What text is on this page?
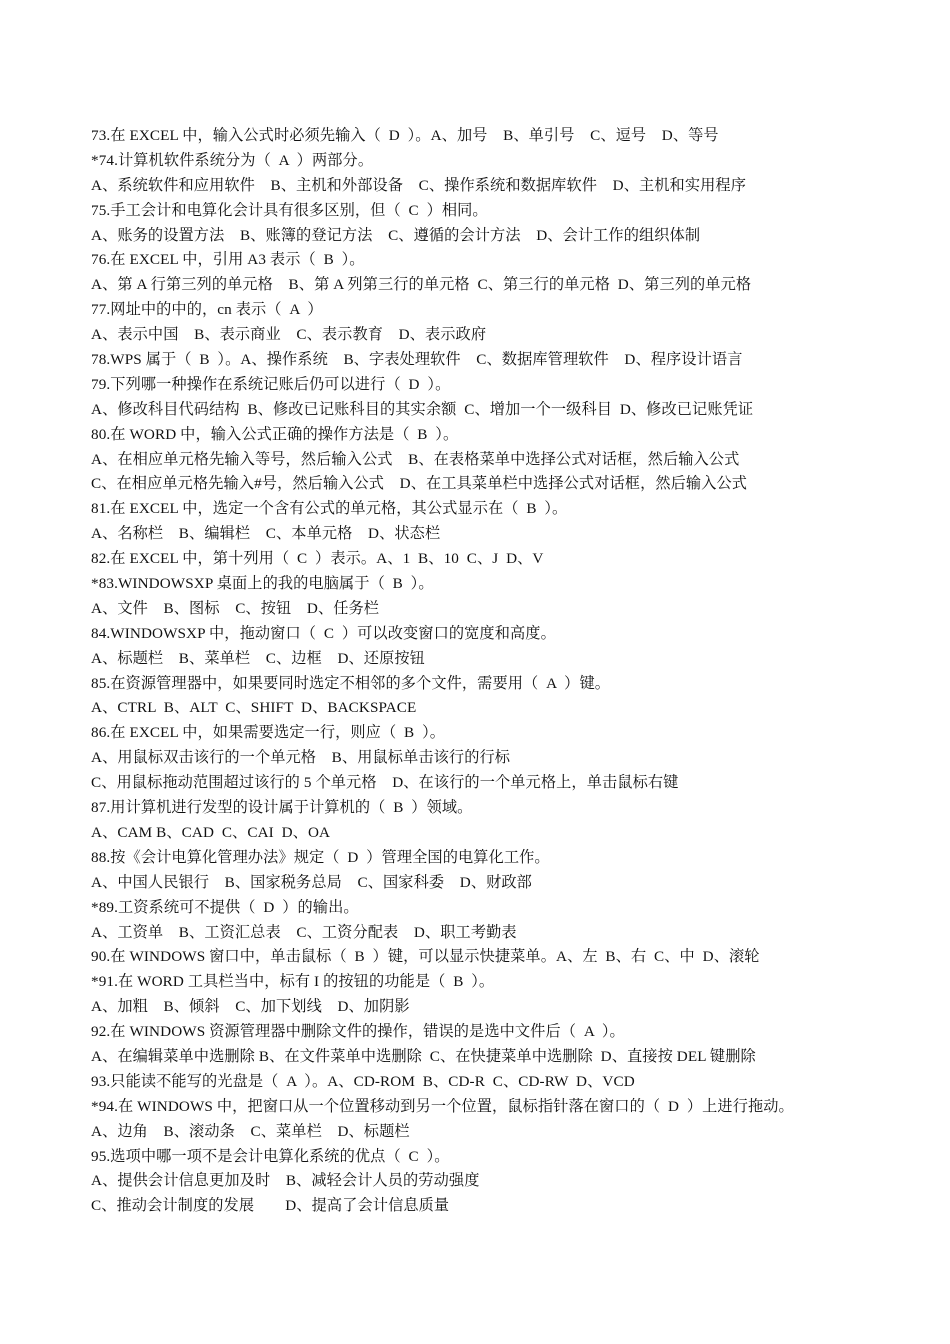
73.在 EXCEL 中，输入公式时必须先输入（  D  ）。A、加号    B、单引号    C、逗号    D、等号
*74.计算机软件系统分为（  A  ）两部分。
A、系统软件和应用软件    B、主机和外部设备    C、操作系统和数据库软件    D、主机和实用程序
75.手工会计和电算化会计具有很多区别，但（  C  ）相同。
A、账务的设置方法    B、账簿的登记方法    C、遵循的会计方法    D、会计工作的组织体制
76.在 EXCEL 中，引用 A3 表示（  B  ）。
A、第 A 行第三列的单元格    B、第 A 列第三行的单元格  C、第三行的单元格  D、第三列的单元格
77.网址中的中的，cn 表示（  A  ）
A、表示中国    B、表示商业    C、表示教育    D、表示政府
78.WPS 属于（  B  ）。A、操作系统    B、字表处理软件    C、数据库管理软件    D、程序设计语言
79.下列哪一种操作在系统记账后仍可以进行（  D  ）。
A、修改科目代码结构  B、修改已记账科目的其实余额  C、增加一个一级科目  D、修改已记账凭证
80.在 WORD 中，输入公式正确的操作方法是（  B  ）。
A、在相应单元格先输入等号，然后输入公式    B、在表格菜单中选择公式对话框，然后输入公式
C、在相应单元格先输入#号，然后输入公式    D、在工具菜单栏中选择公式对话框，然后输入公式
81.在 EXCEL 中，选定一个含有公式的单元格，其公式显示在（  B  ）。
A、名称栏    B、编辑栏    C、本单元格    D、状态栏
82.在 EXCEL 中，第十列用（  C  ）表示。A、1  B、10  C、J  D、V
*83.WINDOWSXP 桌面上的我的电脑属于（  B  ）。
A、文件    B、图标    C、按钮    D、任务栏
84.WINDOWSXP 中，拖动窗口（  C  ）可以改变窗口的宽度和高度。
A、标题栏    B、菜单栏    C、边框    D、还原按钮
85.在资源管理器中，如果要同时选定不相邻的多个文件，需要用（  A  ）键。
A、CTRL  B、ALT  C、SHIFT  D、BACKSPACE
86.在 EXCEL 中，如果需要选定一行，则应（  B  ）。
A、用鼠标双击该行的一个单元格    B、用鼠标单击该行的行标
C、用鼠标拖动范围超过该行的 5 个单元格    D、在该行的一个单元格上，单击鼠标右键
87.用计算机进行发型的设计属于计算机的（  B  ）领域。
A、CAM B、CAD  C、CAI  D、OA
88.按《会计电算化管理办法》规定（  D  ）管理全国的电算化工作。
A、中国人民银行    B、国家税务总局    C、国家科委    D、财政部
*89.工资系统可不提供（  D  ）的输出。
A、工资单    B、工资汇总表    C、工资分配表    D、职工考勤表
90.在 WINDOWS 窗口中，单击鼠标（  B  ）键，可以显示快捷菜单。A、左  B、右  C、中  D、滚轮
*91.在 WORD 工具栏当中，标有 I 的按钮的功能是（  B  ）。
A、加粗    B、倾斜    C、加下划线    D、加阴影
92.在 WINDOWS 资源管理器中删除文件的操作，错误的是选中文件后（  A  ）。
A、在编辑菜单中选删除 B、在文件菜单中选删除  C、在快捷菜单中选删除  D、直接按 DEL 键删除
93.只能读不能写的光盘是（  A  ）。A、CD-ROM  B、CD-R  C、CD-RW  D、VCD
*94.在 WINDOWS 中，把窗口从一个位置移动到另一个位置，鼠标指针落在窗口的（  D  ）上进行拖动。
A、边角    B、滚动条    C、菜单栏    D、标题栏
95.选项中哪一项不是会计电算化系统的优点（  C  ）。
A、提供会计信息更加及时    B、减轻会计人员的劳动强度
C、推动会计制度的发展        D、提高了会计信息质量
